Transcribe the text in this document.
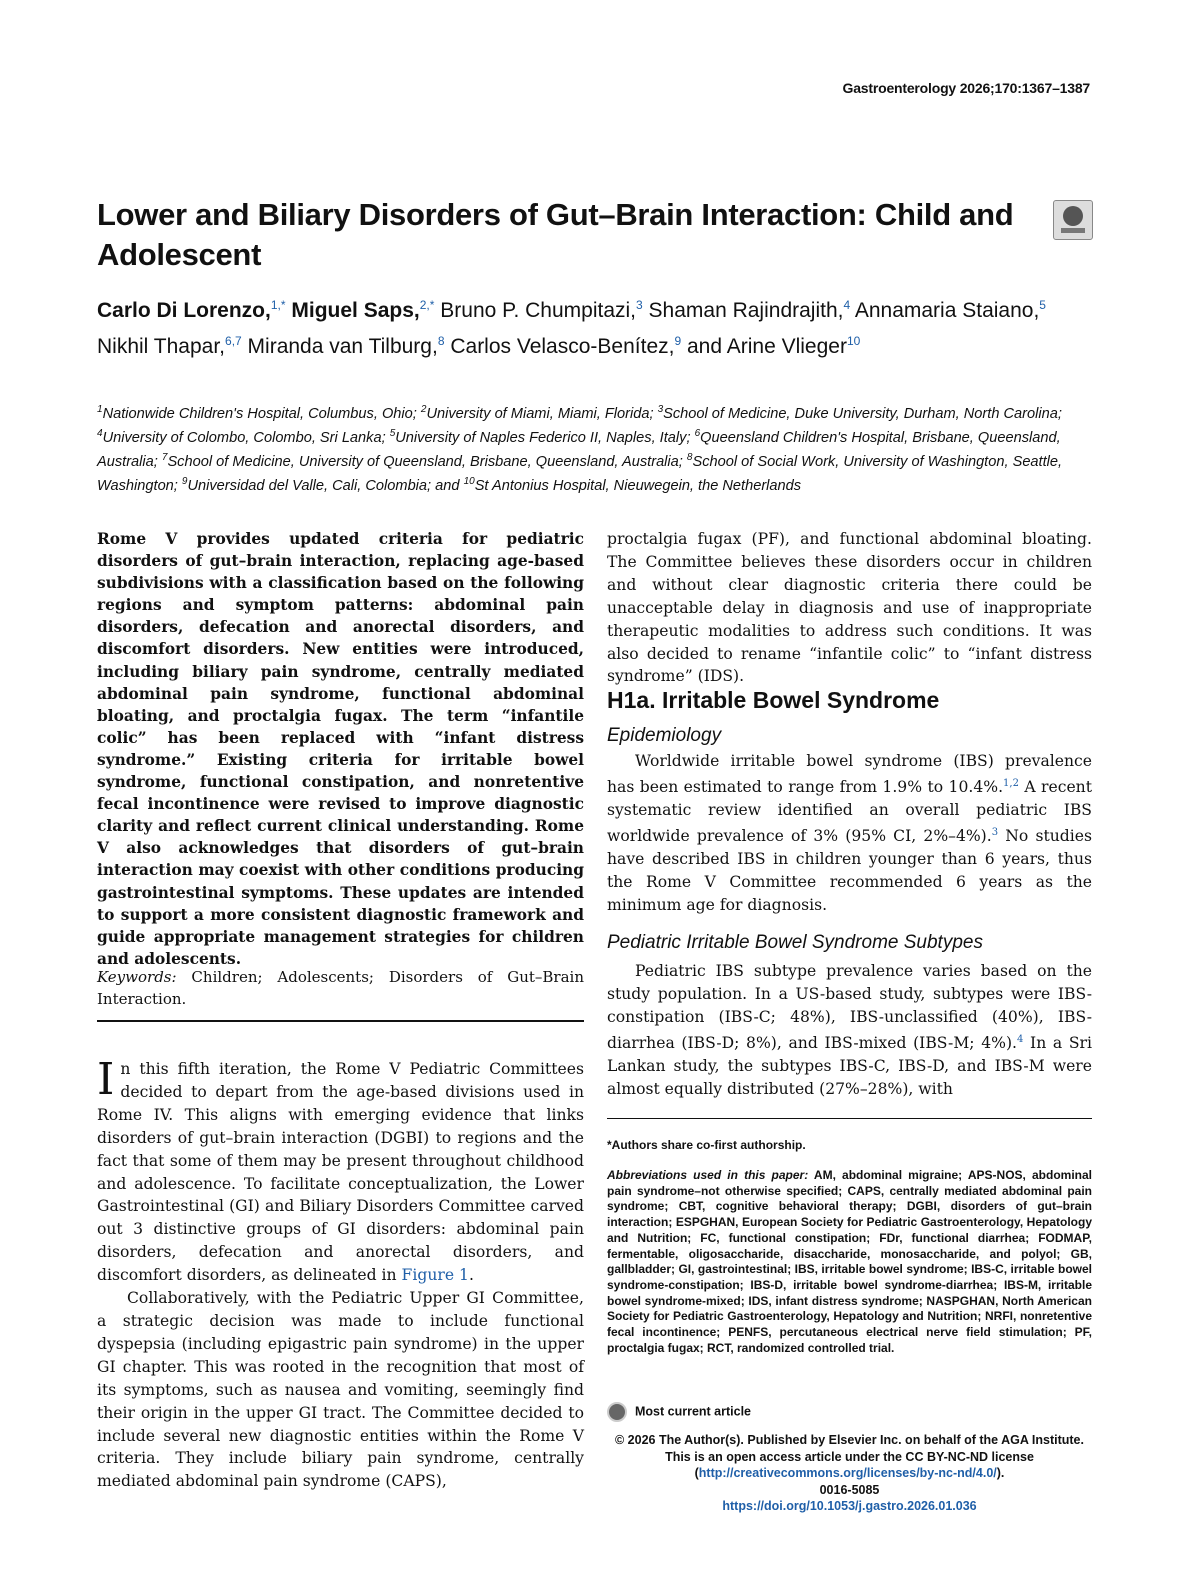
Gastroenterology 2026;170:1367–1387
Lower and Biliary Disorders of Gut–Brain Interaction: Child and Adolescent
Carlo Di Lorenzo,$^{1,*}$ Miguel Saps,$^{2,*}$ Bruno P. Chumpitazi,$^3$ Shaman Rajindrajith,$^4$ Annamaria Staiano,$^5$ Nikhil Thapar,$^{6,7}$ Miranda van Tilburg,$^8$ Carlos Velasco-Benítez,$^9$ and Arine Vlieger$^{10}$
$^1$Nationwide Children's Hospital, Columbus, Ohio; $^2$University of Miami, Miami, Florida; $^3$School of Medicine, Duke University, Durham, North Carolina; $^4$University of Colombo, Colombo, Sri Lanka; $^5$University of Naples Federico II, Naples, Italy; $^6$Queensland Children's Hospital, Brisbane, Queensland, Australia; $^7$School of Medicine, University of Queensland, Brisbane, Queensland, Australia; $^8$School of Social Work, University of Washington, Seattle, Washington; $^9$Universidad del Valle, Cali, Colombia; and $^{10}$St Antonius Hospital, Nieuwegein, the Netherlands
Rome V provides updated criteria for pediatric disorders of gut–brain interaction, replacing age-based subdivisions with a classification based on the following regions and symptom patterns: abdominal pain disorders, defecation and anorectal disorders, and discomfort disorders. New entities were introduced, including biliary pain syndrome, centrally mediated abdominal pain syndrome, functional abdominal bloating, and proctalgia fugax. The term “infantile colic” has been replaced with “infant distress syndrome.” Existing criteria for irritable bowel syndrome, functional constipation, and nonretentive fecal incontinence were revised to improve diagnostic clarity and reflect current clinical understanding. Rome V also acknowledges that disorders of gut–brain interaction may coexist with other conditions producing gastrointestinal symptoms. These updates are intended to support a more consistent diagnostic framework and guide appropriate management strategies for children and adolescents.
Keywords: Children; Adolescents; Disorders of Gut–Brain Interaction.

In this fifth iteration, the Rome V Pediatric Committees decided to depart from the age-based divisions used in Rome IV. This aligns with emerging evidence that links disorders of gut–brain interaction (DGBI) to regions and the fact that some of them may be present throughout childhood and adolescence. To facilitate conceptualization, the Lower Gastrointestinal (GI) and Biliary Disorders Committee carved out 3 distinctive groups of GI disorders: abdominal pain disorders, defecation and anorectal disorders, and discomfort disorders, as delineated in Figure 1.

Collaboratively, with the Pediatric Upper GI Committee, a strategic decision was made to include functional dyspepsia (including epigastric pain syndrome) in the upper GI chapter. This was rooted in the recognition that most of its symptoms, such as nausea and vomiting, seemingly find their origin in the upper GI tract. The Committee decided to include several new diagnostic entities within the Rome V criteria. They include biliary pain syndrome, centrally mediated abdominal pain syndrome (CAPS),

proctalgia fugax (PF), and functional abdominal bloating. The Committee believes these disorders occur in children and without clear diagnostic criteria there could be unacceptable delay in diagnosis and use of inappropriate therapeutic modalities to address such conditions. It was also decided to rename “infantile colic” to “infant distress syndrome” (IDS).
H1a. Irritable Bowel Syndrome
Epidemiology
Worldwide irritable bowel syndrome (IBS) prevalence has been estimated to range from 1.9% to 10.4%.$^{1,2}$ A recent systematic review identified an overall pediatric IBS worldwide prevalence of 3% (95% CI, 2%–4%).$^3$ No studies have described IBS in children younger than 6 years, thus the Rome V Committee recommended 6 years as the minimum age for diagnosis.
Pediatric Irritable Bowel Syndrome Subtypes
Pediatric IBS subtype prevalence varies based on the study population. In a US-based study, subtypes were IBS-constipation (IBS-C; 48%), IBS-unclassified (40%), IBS-diarrhea (IBS-D; 8%), and IBS-mixed (IBS-M; 4%).$^4$ In a Sri Lankan study, the subtypes IBS-C, IBS-D, and IBS-M were almost equally distributed (27%–28%), with
*Authors share co-first authorship.
Abbreviations used in this paper: AM, abdominal migraine; APS-NOS, abdominal pain syndrome–not otherwise specified; CAPS, centrally mediated abdominal pain syndrome; CBT, cognitive behavioral therapy; DGBI, disorders of gut–brain interaction; ESPGHAN, European Society for Pediatric Gastroenterology, Hepatology and Nutrition; FC, functional constipation; FDr, functional diarrhea; FODMAP, fermentable, oligosaccharide, disaccharide, monosaccharide, and polyol; GB, gallbladder; GI, gastrointestinal; IBS, irritable bowel syndrome; IBS-C, irritable bowel syndrome-constipation; IBS-D, irritable bowel syndrome-diarrhea; IBS-M, irritable bowel syndrome-mixed; IDS, infant distress syndrome; NASPGHAN, North American Society for Pediatric Gastroenterology, Hepatology and Nutrition; NRFI, nonretentive fecal incontinence; PENFS, percutaneous electrical nerve field stimulation; PF, proctalgia fugax; RCT, randomized controlled trial.
Most current article
© 2026 The Author(s). Published by Elsevier Inc. on behalf of the AGA Institute. This is an open access article under the CC BY-NC-ND license (http://creativecommons.org/licenses/by-nc-nd/4.0/).
0016-5085
https://doi.org/10.1053/j.gastro.2026.01.036
